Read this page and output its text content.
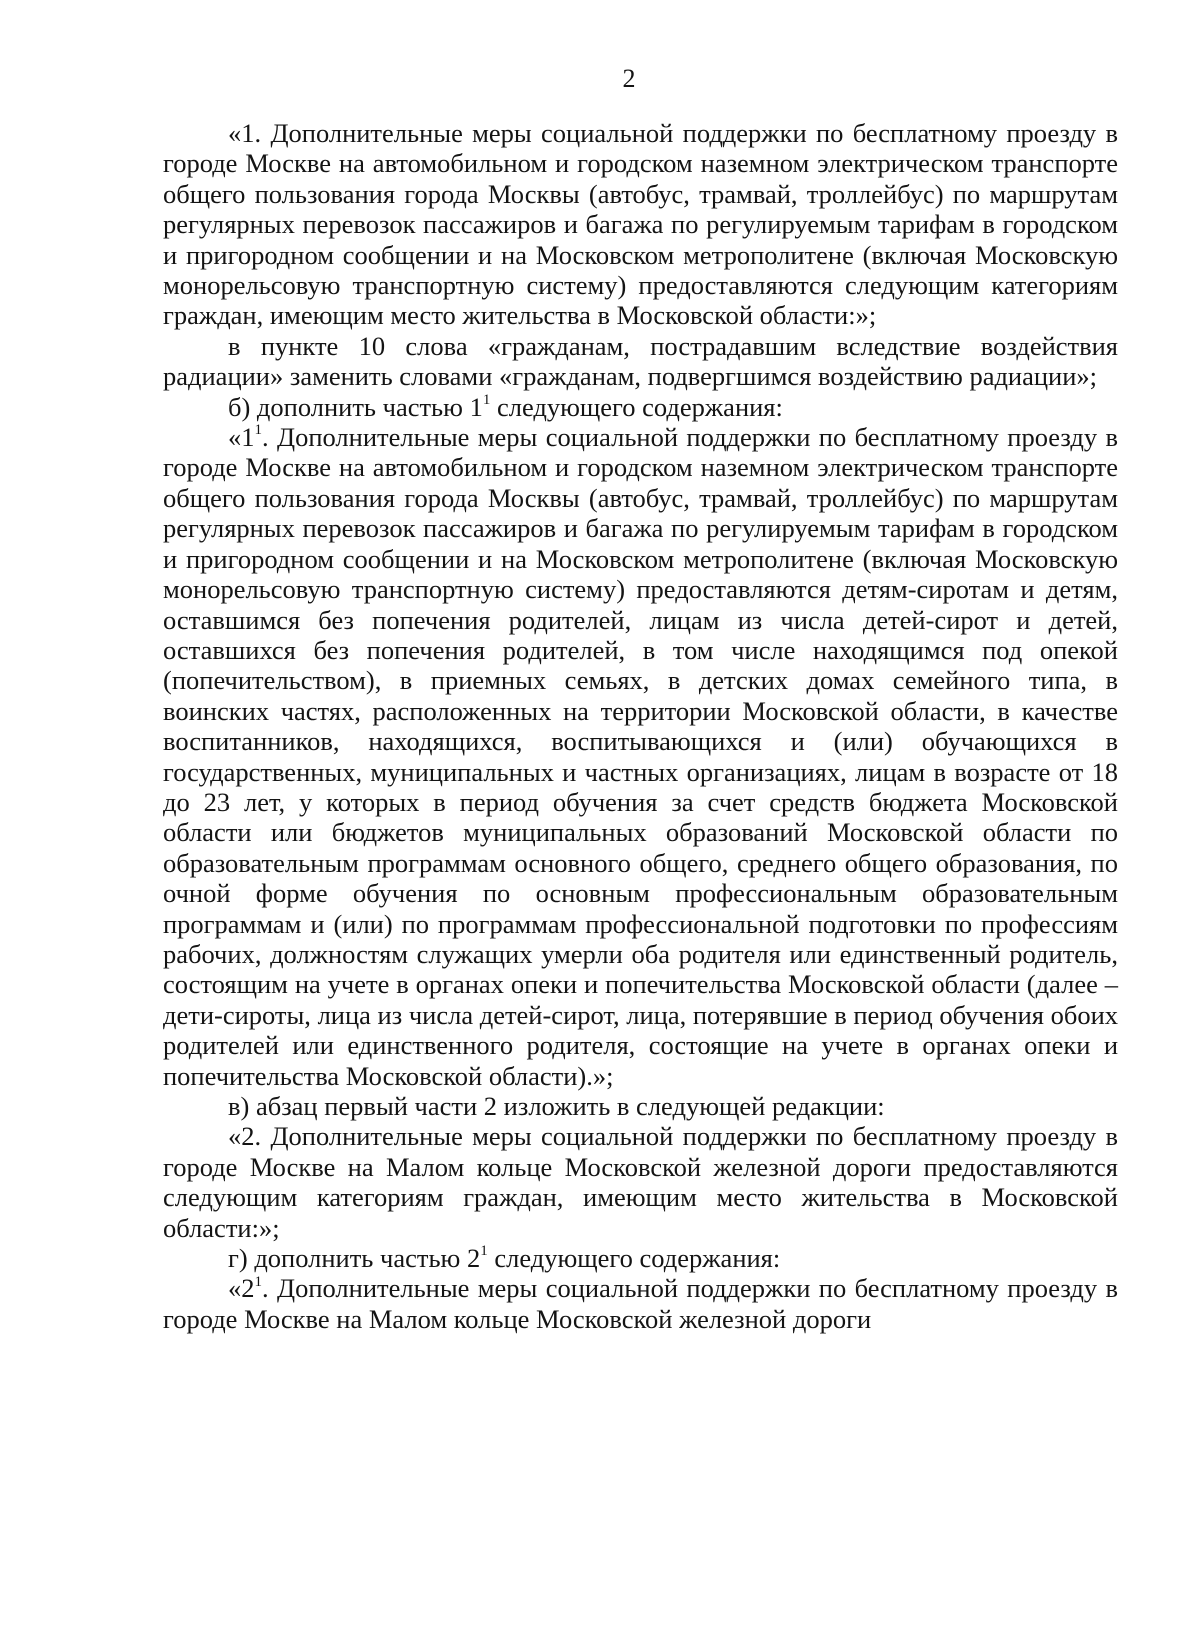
2

«1. Дополнительные меры социальной поддержки по бесплатному проезду в городе Москве на автомобильном и городском наземном электрическом транспорте общего пользования города Москвы (автобус, трамвай, троллейбус) по маршрутам регулярных перевозок пассажиров и багажа по регулируемым тарифам в городском и пригородном сообщении и на Московском метрополитене (включая Московскую монорельсовую транспортную систему) предоставляются следующим категориям граждан, имеющим место жительства в Московской области:»;

в пункте 10 слова «гражданам, пострадавшим вследствие воздействия радиации» заменить словами «гражданам, подвергшимся воздействию радиации»;

б) дополнить частью $1^1$ следующего содержания:

«$1^1$. Дополнительные меры социальной поддержки по бесплатному проезду в городе Москве на автомобильном и городском наземном электрическом транспорте общего пользования города Москвы (автобус, трамвай, троллейбус) по маршрутам регулярных перевозок пассажиров и багажа по регулируемым тарифам в городском и пригородном сообщении и на Московском метрополитене (включая Московскую монорельсовую транспортную систему) предоставляются детям-сиротам и детям, оставшимся без попечения родителей, лицам из числа детей-сирот и детей, оставшихся без попечения родителей, в том числе находящимся под опекой (попечительством), в приемных семьях, в детских домах семейного типа, в воинских частях, расположенных на территории Московской области, в качестве воспитанников, находящихся, воспитывающихся и (или) обучающихся в государственных, муниципальных и частных организациях, лицам в возрасте от 18 до 23 лет, у которых в период обучения за счет средств бюджета Московской области или бюджетов муниципальных образований Московской области по образовательным программам основного общего, среднего общего образования, по очной форме обучения по основным профессиональным образовательным программам и (или) по программам профессиональной подготовки по профессиям рабочих, должностям служащих умерли оба родителя или единственный родитель, состоящим на учете в органах опеки и попечительства Московской области (далее – дети-сироты, лица из числа детей-сирот, лица, потерявшие в период обучения обоих родителей или единственного родителя, состоящие на учете в органах опеки и попечительства Московской области).»;

в) абзац первый части 2 изложить в следующей редакции:

«2. Дополнительные меры социальной поддержки по бесплатному проезду в городе Москве на Малом кольце Московской железной дороги предоставляются следующим категориям граждан, имеющим место жительства в Московской области:»;

г) дополнить частью $2^1$ следующего содержания:

«$2^1$. Дополнительные меры социальной поддержки по бесплатному проезду в городе Москве на Малом кольце Московской железной дороги
